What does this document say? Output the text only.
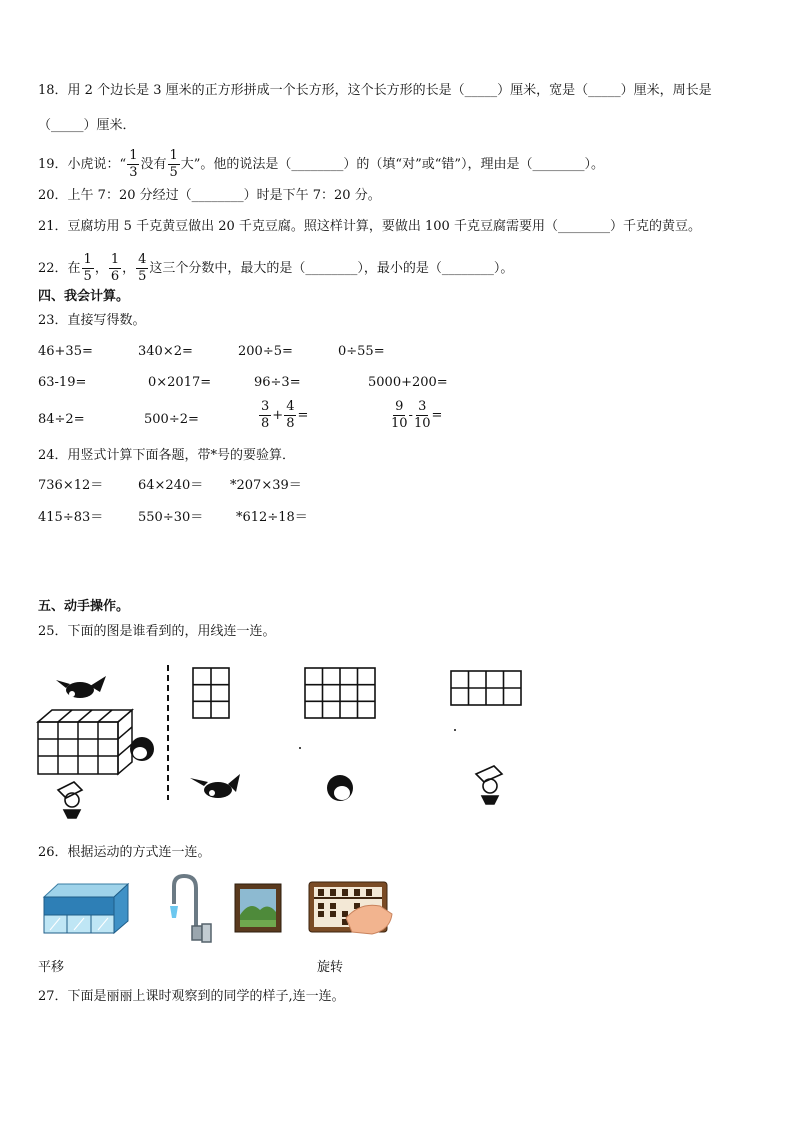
18．用 2 个边长是 3 厘米的正方形拼成一个长方形，这个长方形的长是（_____）厘米，宽是（_____）厘米，周长是
（_____）厘米．
19．小虎说：“ $\frac{1}{3}$ 没有 $\frac{1}{5}$ 大”。他的说法是（________）的（填“对”或“错”），理由是（________）。
20．上午 7：20 分经过（________）时是下午 7：20 分。
21．豆腐坊用 5 千克黄豆做出 20 千克豆腐。照这样计算，要做出 100 千克豆腐需要用（________）千克的黄豆。
22．在 $\frac{1}{5}$ ， $\frac{1}{6}$ ， $\frac{4}{5}$ 这三个分数中，最大的是（________），最小的是（________）。
四、我会计算。
23．直接写得数。
46+35=	340×2=	200÷5=	0÷55=
63-19=	0×2017=	96÷3=	5000+200=
84÷2=	500÷2=	$\frac{3}{8} + \frac{4}{8}$ =	$\frac{9}{10} - \frac{3}{10}$ =
24．用竖式计算下面各题，带*号的要验算．
736×12＝	64×240＝ *207×39＝
415÷83＝	550÷30＝	*612÷18＝
五、动手操作。
25．下面的图是谁看到的，用线连一连。
26．根据运动的方式连一连。
平移	旋转
27．下面是丽丽上课时观察到的同学的样子,连一连。
